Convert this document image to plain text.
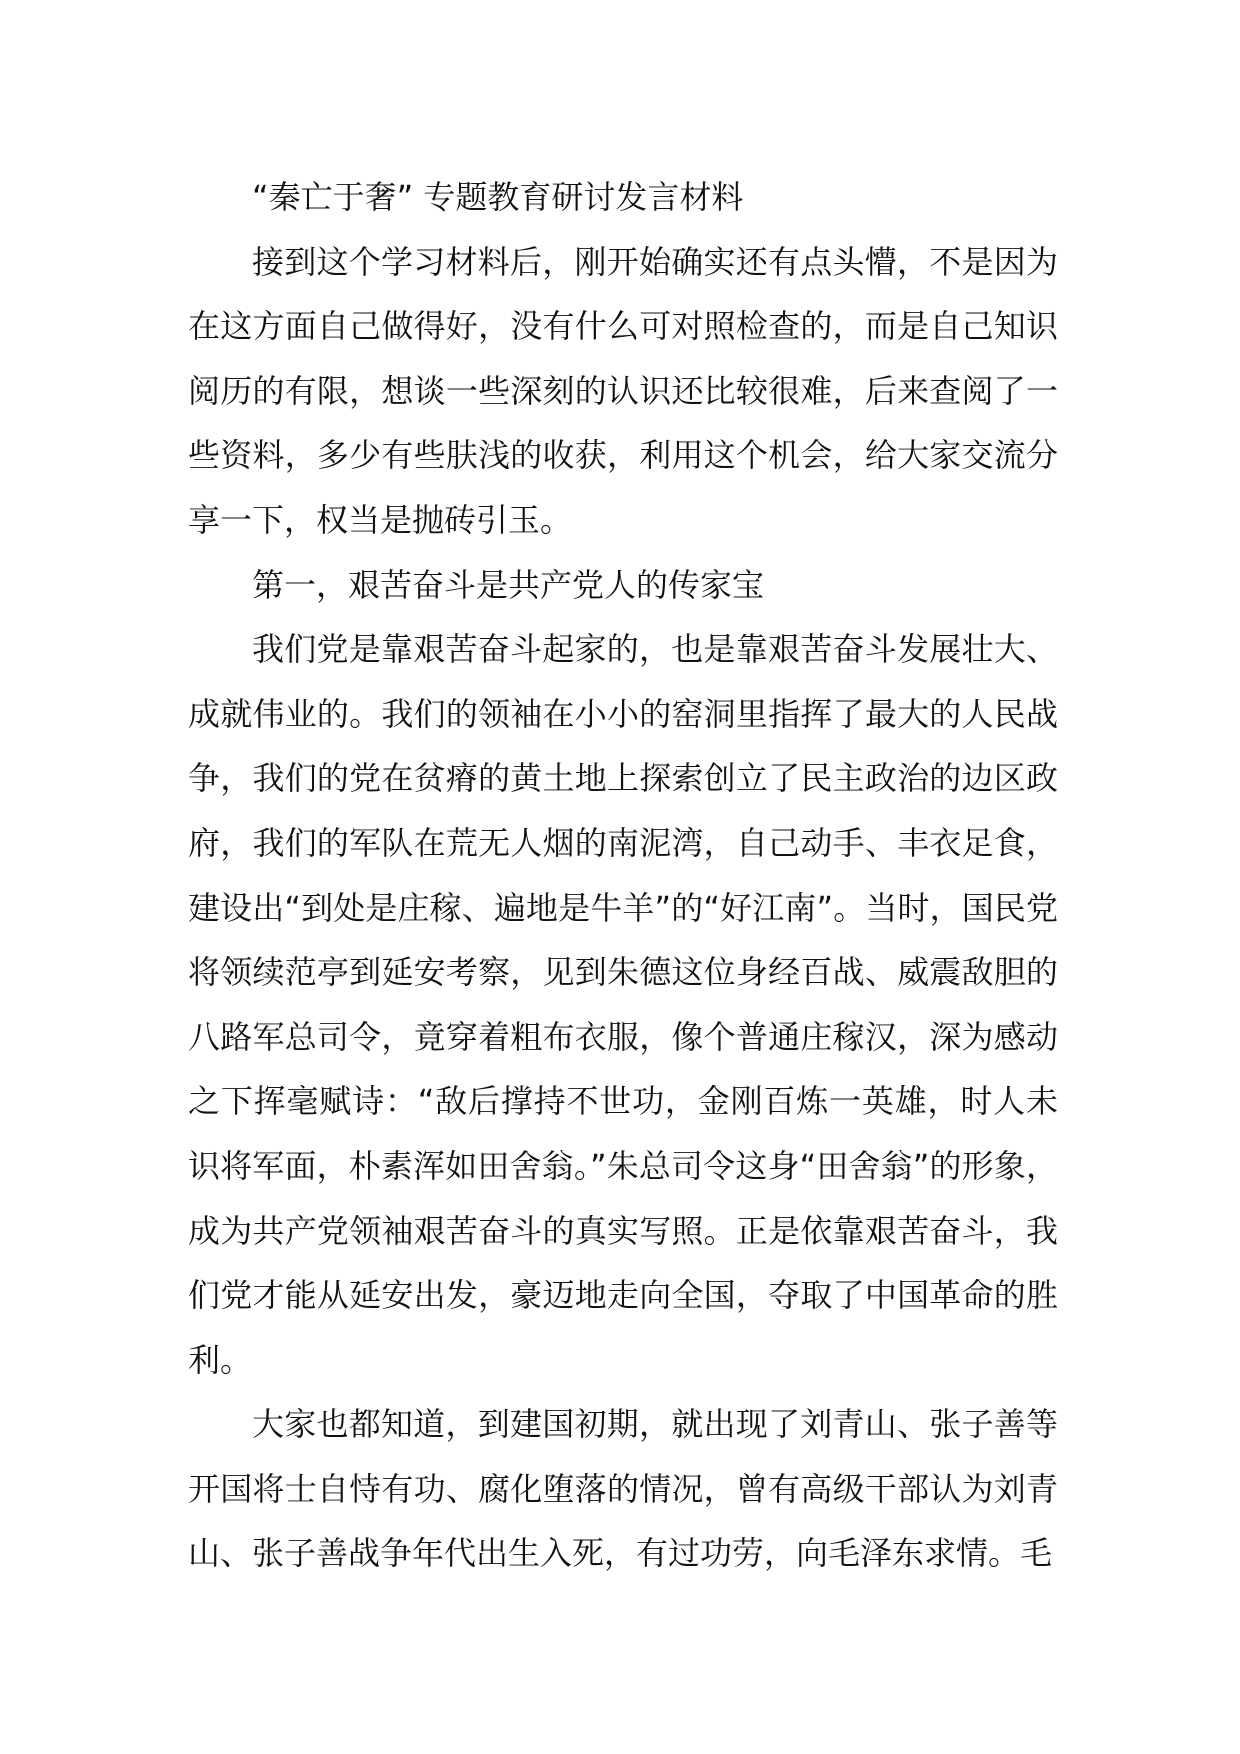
“秦亡于奢” 专题教育研讨发言材料

接到这个学习材料后，刚开始确实还有点头懵，不是因为在这方面自己做得好，没有什么可对照检查的，而是自己知识阅历的有限，想谈一些深刻的认识还比较很难，后来查阅了一些资料，多少有些肤浅的收获，利用这个机会，给大家交流分享一下，权当是抛砖引玉。

第一，艰苦奋斗是共产党人的传家宝

我们党是靠艰苦奋斗起家的，也是靠艰苦奋斗发展壮大、成就伟业的。我们的领袖在小小的窑洞里指挥了最大的人民战争，我们的党在贫瘠的黄土地上探索创立了民主政治的边区政府，我们的军队在荒无人烟的南泥湾，自己动手、丰衣足食，建设出“到处是庄稼、遍地是牛羊”的“好江南”。当时，国民党将领续范亭到延安考察，见到朱德这位身经百战、威震敌胆的八路军总司令，竟穿着粗布衣服，像个普通庄稼汉，深为感动之下挥毫赋诗：“敌后撑持不世功，金刚百炼一英雄，时人未识将军面，朴素浑如田舍翁。”朱总司令这身“田舍翁”的形象，成为共产党领袖艰苦奋斗的真实写照。正是依靠艰苦奋斗，我们党才能从延安出发，豪迈地走向全国，夺取了中国革命的胜利。

大家也都知道，到建国初期，就出现了刘青山、张子善等开国将士自恃有功、腐化堕落的情况，曾有高级干部认为刘青山、张子善战争年代出生入死，有过功劳，向毛泽东求情。毛
